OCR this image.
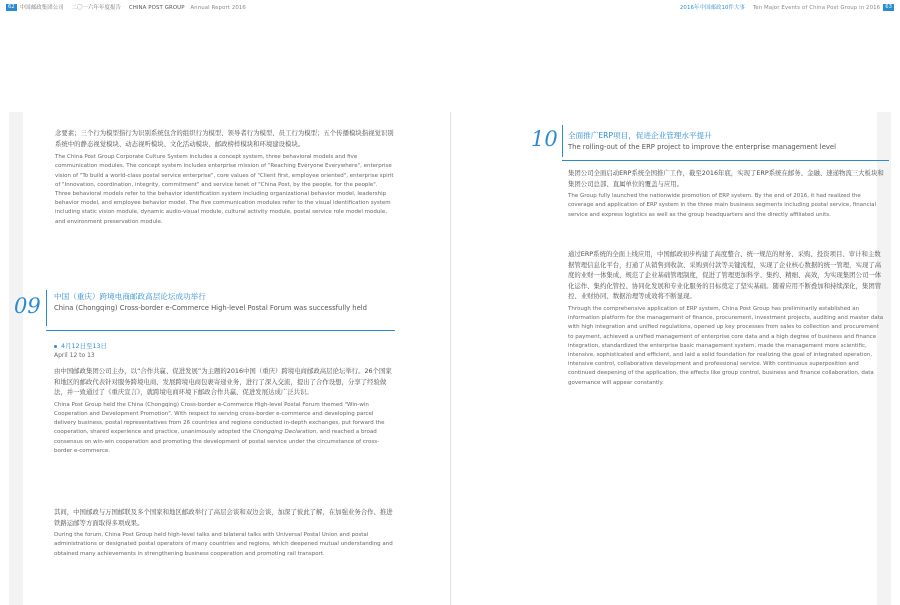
62 中国邮政集团公司 二〇一六年年度报告 CHINA POST GROUP Annual Report 2016	2016年中国邮政10件大事 Ten Major Events of China Post Group in 2016 63

念要素；三个行为模型指行为识别系统包含的组织行为模型、领导者行为模型、员工行为模型；五个传播模块指视觉识别系统中的静态视觉模块、动态视听模块、文化活动模块、邮政榜样模块和环境建设模块。

The China Post Group Corporate Culture System includes a concept system, three behavioral models and five communication modules. The concept system includes enterprise mission of "Reaching Everyone Everywhere", enterprise vision of "To build a world-class postal service enterprise", core values of "Client first, employee oriented", enterprise spirit of "Innovation, coordination, integrity, commitment" and service tenet of "China Post, by the people, for the people". Three behavioral models refer to the behavior identification system including organizational behavior model, leadership behavior model, and employee behavior model. The five communication modules refer to the visual identification system including static vision module, dynamic audio-visual module, cultural activity module, postal service role model module, and environment preservation module.

09 中国（重庆）跨境电商邮政高层论坛成功举行
China (Chongqing) Cross-border e-Commerce High-level Postal Forum was successfully held
4月12日至13日
April 12 to 13

由中国邮政集团公司主办，以“合作共赢、促进发展”为主题的2016中国（重庆）跨境电商邮政高层论坛举行。26个国家和地区的邮政代表针对服务跨境电商、发展跨境电商包裹寄递业务，进行了深入交流，提出了合作设想，分享了经验做法，并一致通过了《重庆宣言》，就跨境电商环境下邮政合作共赢、促进发展达成广泛共识。

China Post Group held the China (Chongqing) Cross-border e-Commerce High-level Postal Forum themed "Win-win Cooperation and Development Promotion". With respect to serving cross-border e-commerce and developing parcel delivery business, postal representatives from 26 countries and regions conducted in-depth exchanges, put forward the cooperation, shared experience and practice, unanimously adopted the Chongqing Declaration, and reached a broad consensus on win-win cooperation and promoting the development of postal service under the circumstance of cross-border e-commerce.

其间，中国邮政与万国邮联及多个国家和地区邮政举行了高层会谈和双边会谈，加深了彼此了解，在加强业务合作、推进铁路运邮等方面取得多项成果。

During the forum, China Post Group held high-level talks and bilateral talks with Universal Postal Union and postal administrations or designated postal operators of many countries and regions, which deepened mutual understanding and obtained many achievements in strengthening business cooperation and promoting rail transport.

10 全面推广ERP项目，促进企业管理水平提升
The rolling-out of the ERP project to improve the enterprise management level

集团公司全面启动ERP系统全国推广工作，截至2016年底，实现了ERP系统在邮务、金融、速递物流三大板块和集团公司总部、直属单位的覆盖与应用。

The Group fully launched the nationwide promotion of ERP system. By the end of 2016, it had realized the coverage and application of ERP system in the three main business segments including postal service, financial service and express logistics as well as the group headquarters and the directly affiliated units.

通过ERP系统的全面上线应用，中国邮政初步构建了高度整合、统一规范的财务、采购、投资项目、审计和主数据管理信息化平台，打通了从销售到收款、采购到付款等关键流程，实现了企业核心数据的统一管理，实现了高度的业财一体集成，规范了企业基础管理制度，促进了管理更加科学、集约、精细、高效，为实现集团公司一体化运作、集约化管控、协同化发展和专业化服务的目标奠定了坚实基础。随着应用不断叠加和持续深化，集团管控、业财协同、数据治理等成效将不断显现。

Through the comprehensive application of ERP system, China Post Group has preliminarily established an information platform for the management of finance, procurement, investment projects, auditing and master data with high integration and unified regulations, opened up key processes from sales to collection and procurement to payment, achieved a unified management of enterprise core data and a high degree of business and finance integration, standardized the enterprise basic management system, made the management more scientific, intensive, sophisticated and efficient, and laid a solid foundation for realizing the goal of integrated operation, intensive control, collaborative development and professional service. With continuous superposition and continued deepening of the application, the effects like group control, business and finance collaboration, data governance will appear constantly.
